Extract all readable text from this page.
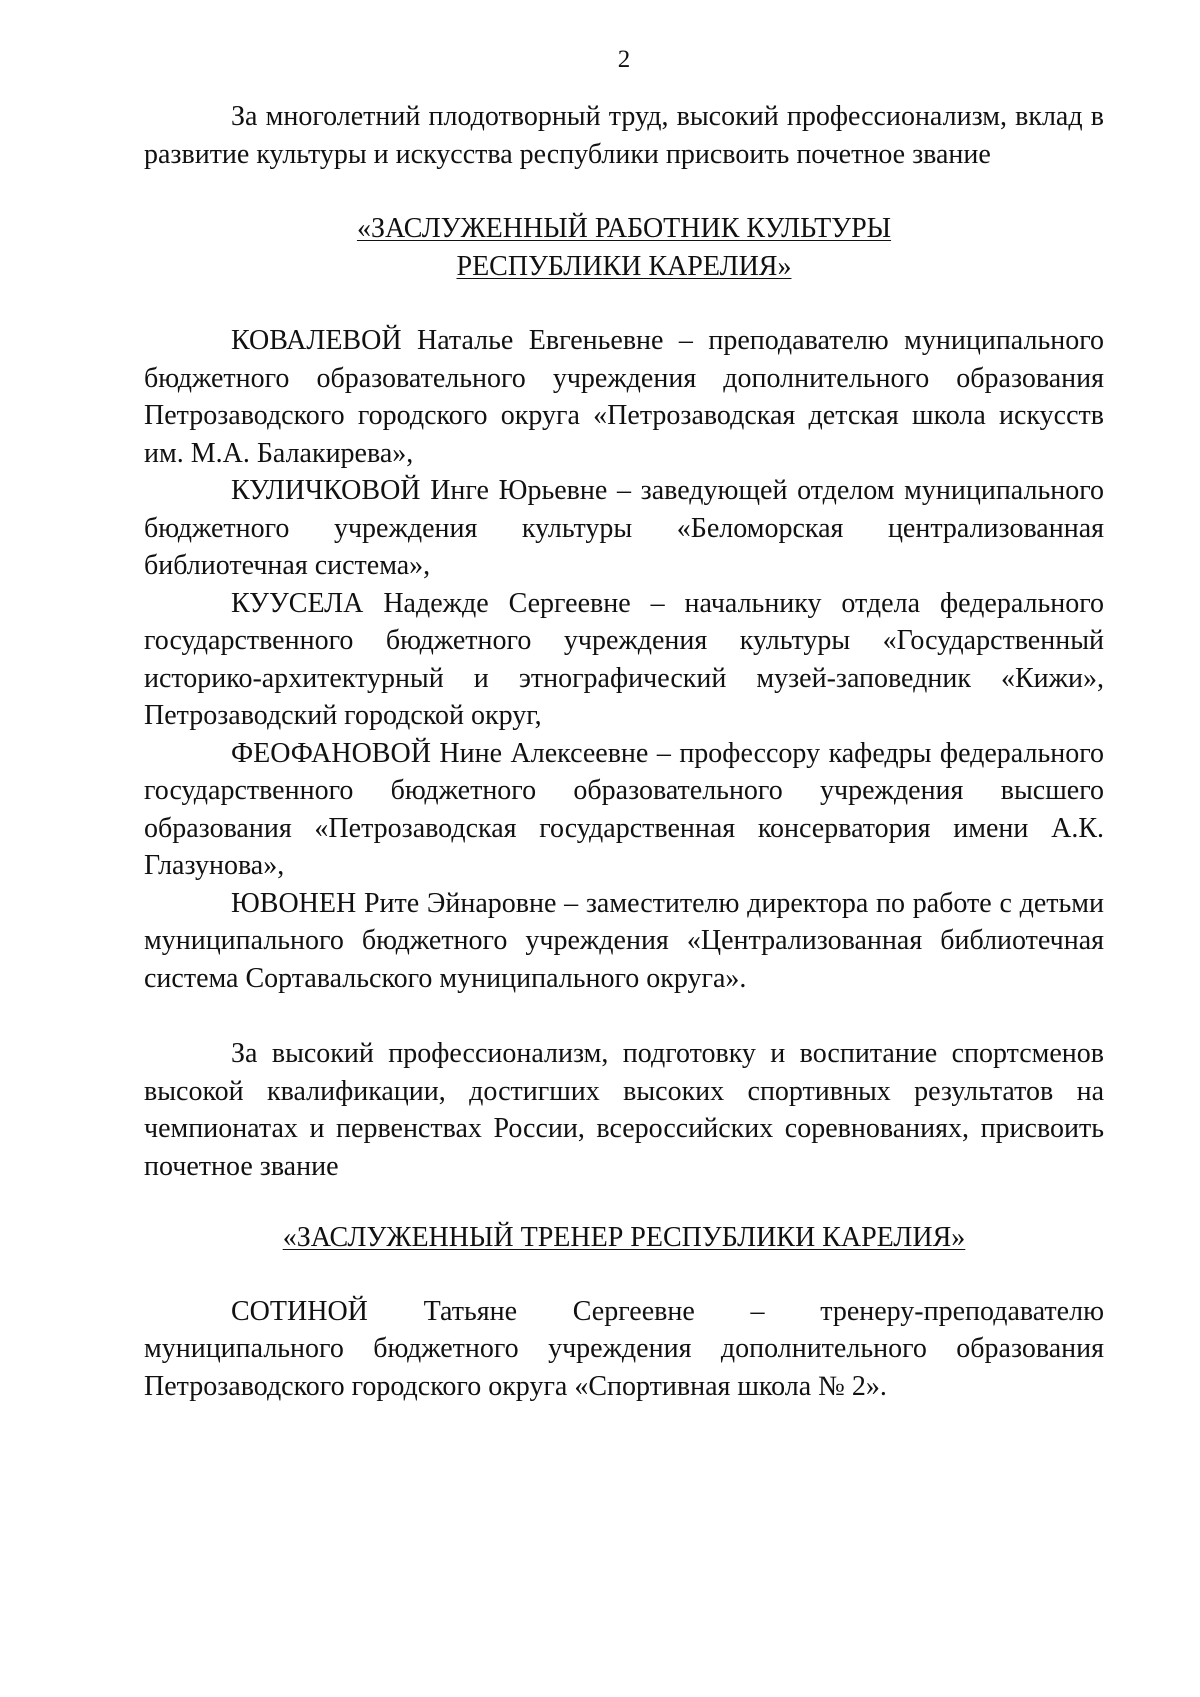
2

За многолетний плодотворный труд, высокий профессионализм, вклад в развитие культуры и искусства республики присвоить почетное звание

«ЗАСЛУЖЕННЫЙ РАБОТНИК КУЛЬТУРЫ
РЕСПУБЛИКИ КАРЕЛИЯ»

КОВАЛЕВОЙ Наталье Евгеньевне – преподавателю муниципального бюджетного образовательного учреждения дополнительного образования Петрозаводского городского округа «Петрозаводская детская школа искусств им. М.А. Балакирева»,

КУЛИЧКОВОЙ Инге Юрьевне – заведующей отделом муниципального бюджетного учреждения культуры «Беломорская централизованная библиотечная система»,

КУУСЕЛА Надежде Сергеевне – начальнику отдела федерального государственного бюджетного учреждения культуры «Государственный историко-архитектурный и этнографический музей-заповедник «Кижи», Петрозаводский городской округ,

ФЕОФАНОВОЙ Нине Алексеевне – профессору кафедры федерального государственного бюджетного образовательного учреждения высшего образования «Петрозаводская государственная консерватория имени А.К. Глазунова»,

ЮВОНЕН Рите Эйнаровне – заместителю директора по работе с детьми муниципального бюджетного учреждения «Централизованная библиотечная система Сортавальского муниципального округа».

За высокий профессионализм, подготовку и воспитание спортсменов высокой квалификации, достигших высоких спортивных результатов на чемпионатах и первенствах России, всероссийских соревнованиях, присвоить почетное звание

«ЗАСЛУЖЕННЫЙ ТРЕНЕР РЕСПУБЛИКИ КАРЕЛИЯ»

СОТИНОЙ Татьяне Сергеевне – тренеру-преподавателю муниципального бюджетного учреждения дополнительного образования Петрозаводского городского округа «Спортивная школа № 2».
